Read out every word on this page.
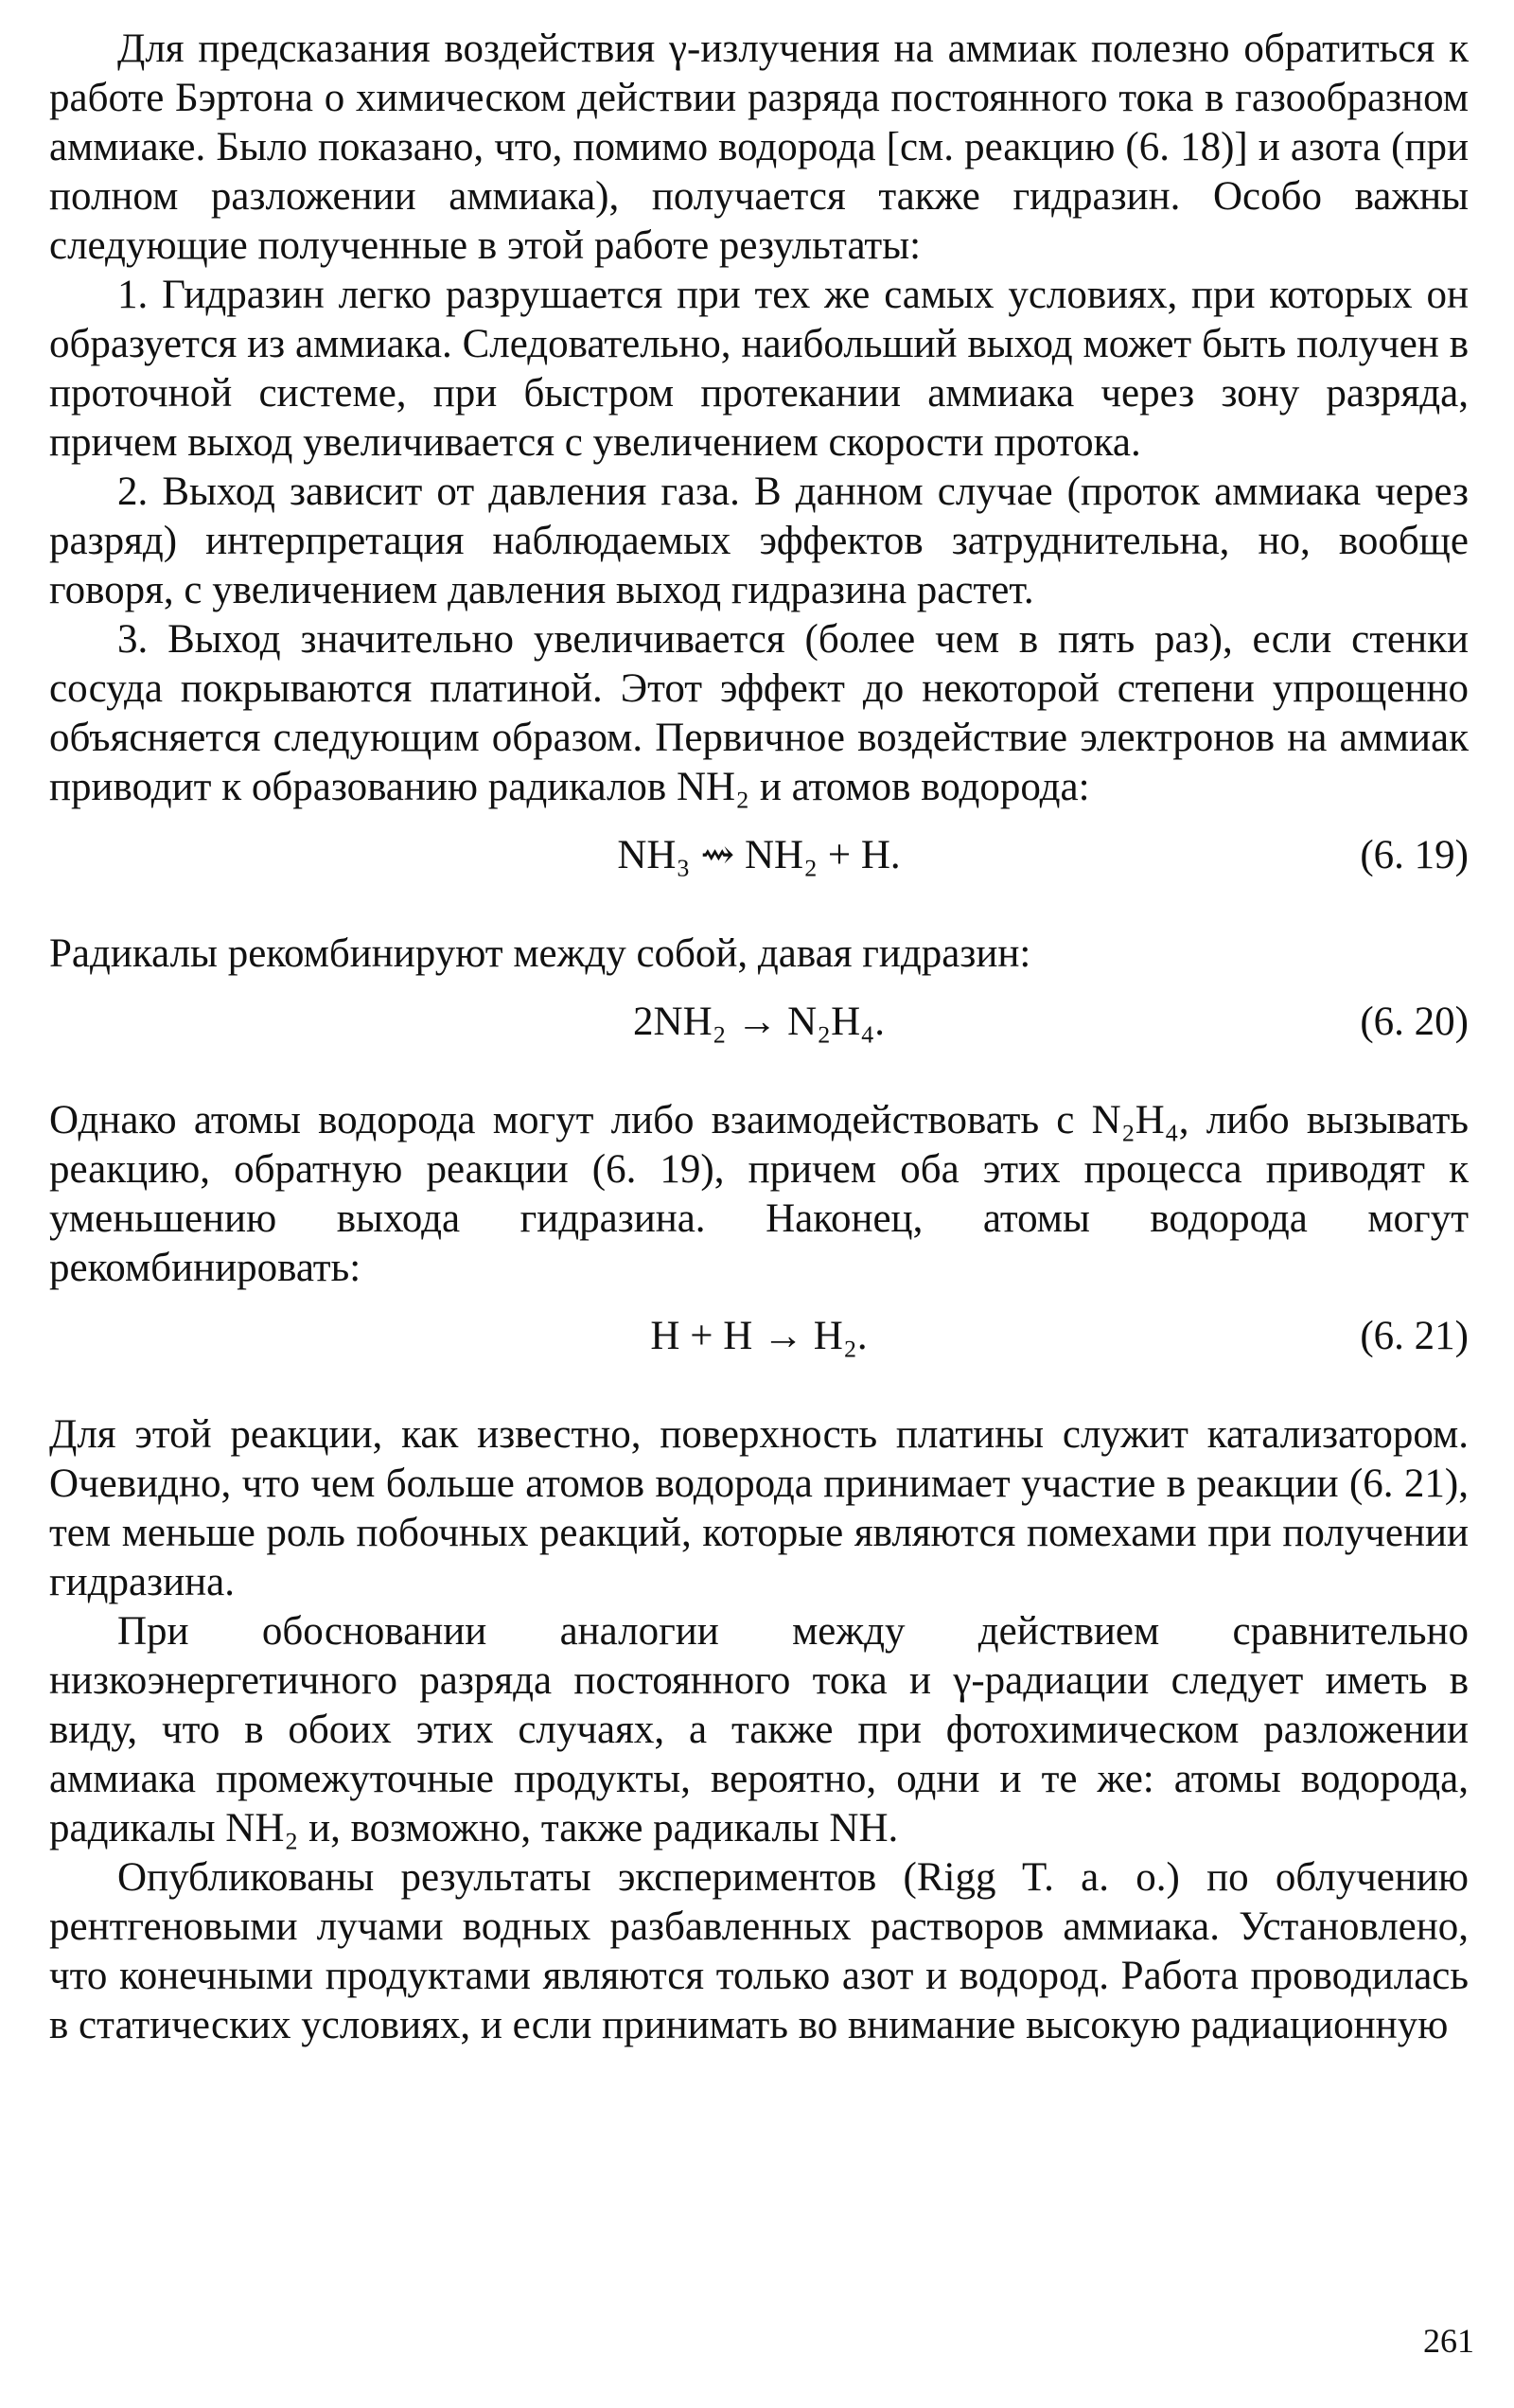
Для предсказания воздействия γ-излучения на аммиак полезно обратиться к работе Бэртона о химическом действии разряда постоянного тока в газообразном аммиаке. Было показано, что, помимо водорода [см. реакцию (6. 18)] и азота (при полном разложении аммиака), получается также гидразин. Особо важны следующие полученные в этой работе результаты:

1. Гидразин легко разрушается при тех же самых условиях, при которых он образуется из аммиака. Следовательно, наибольший выход может быть получен в проточной системе, при быстром протекании аммиака через зону разряда, причем выход увеличивается с увеличением скорости протока.

2. Выход зависит от давления газа. В данном случае (проток аммиака через разряд) интерпретация наблюдаемых эффектов затруднительна, но, вообще говоря, с увеличением давления выход гидразина растет.

3. Выход значительно увеличивается (более чем в пять раз), если стенки сосуда покрываются платиной. Этот эффект до некоторой степени упрощенно объясняется следующим образом. Первичное воздействие электронов на аммиак приводит к образованию радикалов NH₂ и атомов водорода:

NH₃ ⇝ NH₂ + H.	(6. 19)

Радикалы рекомбинируют между собой, давая гидразин:

2NH₂ → N₂H₄.	(6. 20)

Однако атомы водорода могут либо взаимодействовать с N₂H₄, либо вызывать реакцию, обратную реакции (6. 19), причем оба этих процесса приводят к уменьшению выхода гидразина. Наконец, атомы водорода могут рекомбинировать:

H + H → H₂.	(6. 21)

Для этой реакции, как известно, поверхность платины служит катализатором. Очевидно, что чем больше атомов водорода принимает участие в реакции (6. 21), тем меньше роль побочных реакций, которые являются помехами при получении гидразина.

При обосновании аналогии между действием сравнительно низкоэнергетичного разряда постоянного тока и γ-радиации следует иметь в виду, что в обоих этих случаях, а также при фотохимическом разложении аммиака промежуточные продукты, вероятно, одни и те же: атомы водорода, радикалы NH₂ и, возможно, также радикалы NH.

Опубликованы результаты экспериментов (Rigg T. a. o.) по облучению рентгеновыми лучами водных разбавленных растворов аммиака. Установлено, что конечными продуктами являются только азот и водород. Работа проводилась в статических условиях, и если принимать во внимание высокую радиационную

261
